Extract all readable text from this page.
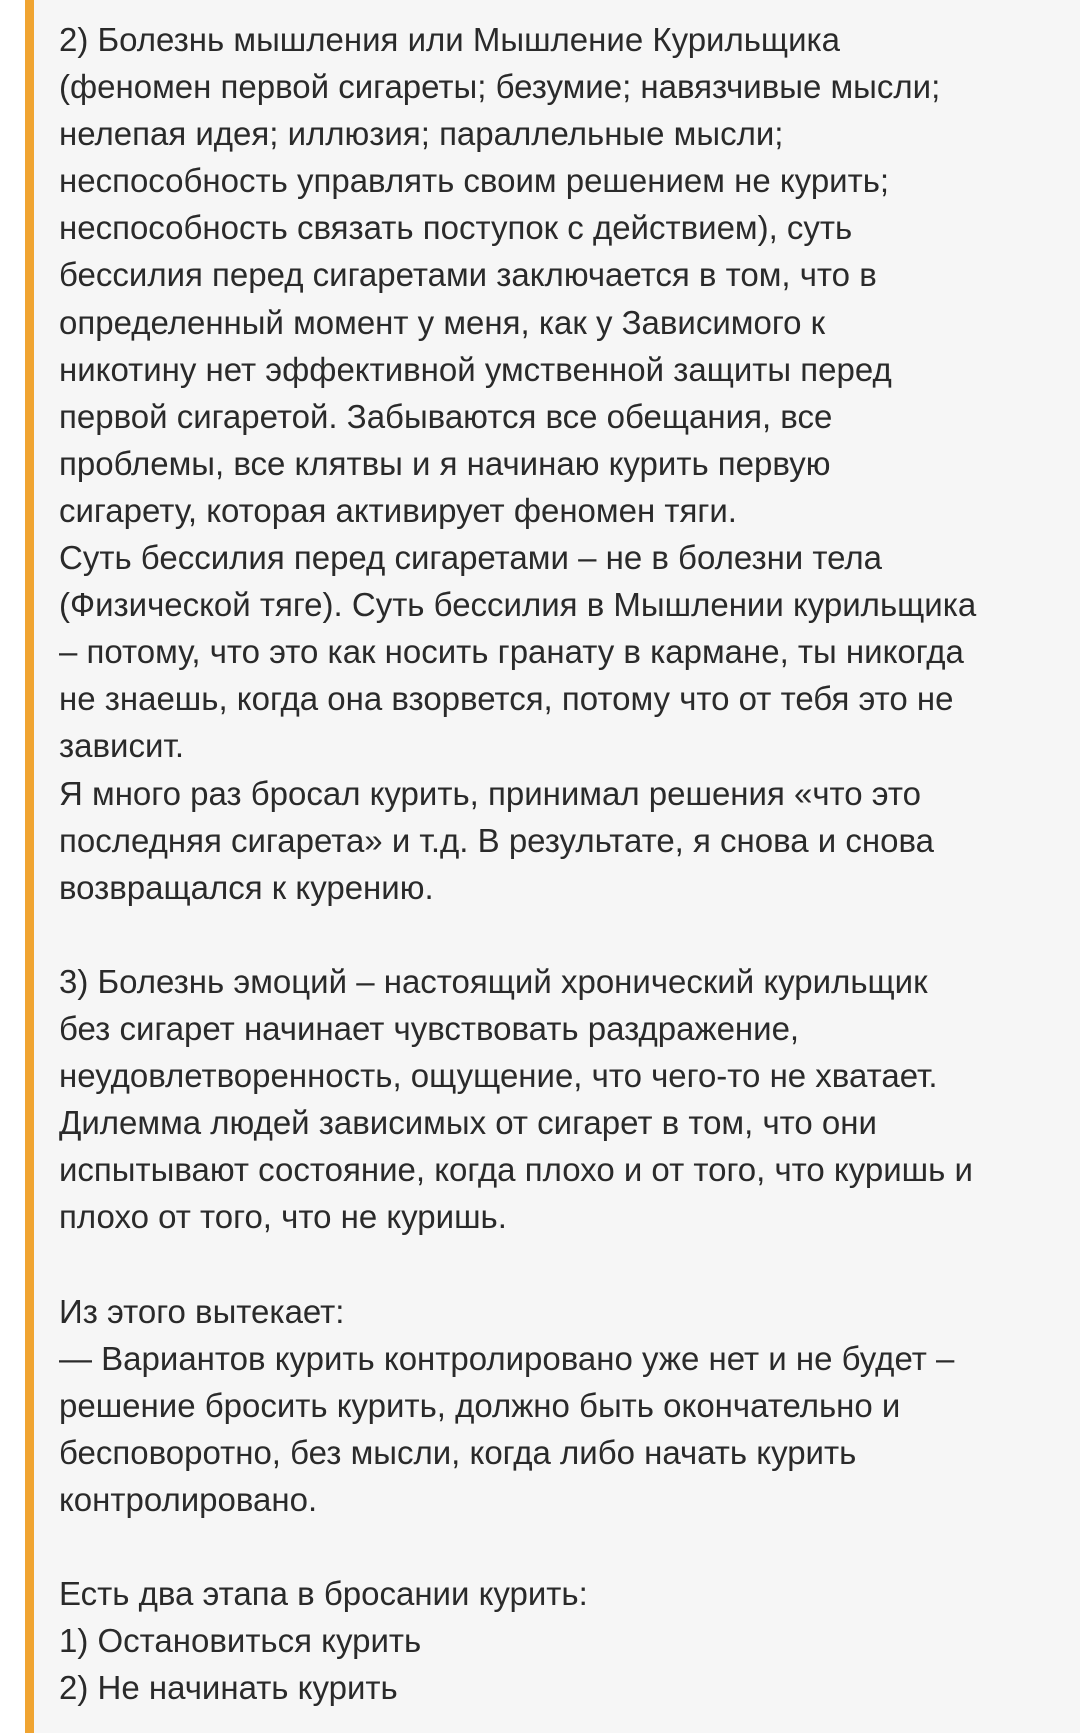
2) Болезнь мышления или Мышление Курильщика
(феномен первой сигареты; безумие; навязчивые мысли;
нелепая идея; иллюзия; параллельные мысли;
неспособность управлять своим решением не курить;
неспособность связать поступок с действием), суть
бессилия перед сигаретами заключается в том, что в
определенный момент у меня, как у Зависимого к
никотину нет эффективной умственной защиты перед
первой сигаретой. Забываются все обещания, все
проблемы, все клятвы и я начинаю курить первую
сигарету, которая активирует феномен тяги.
Суть бессилия перед сигаретами – не в болезни тела
(Физической тяге). Суть бессилия в Мышлении курильщика
– потому, что это как носить гранату в кармане, ты никогда
не знаешь, когда она взорвется, потому что от тебя это не
зависит.
Я много раз бросал курить, принимал решения «что это
последняя сигарета» и т.д. В результате, я снова и снова
возвращался к курению.
3) Болезнь эмоций – настоящий хронический курильщик
без сигарет начинает чувствовать раздражение,
неудовлетворенность, ощущение, что чего-то не хватает.
Дилемма людей зависимых от сигарет в том, что они
испытывают состояние, когда плохо и от того, что куришь и
плохо от того, что не куришь.
Из этого вытекает:
— Вариантов курить контролировано уже нет и не будет –
решение бросить курить, должно быть окончательно и
бесповоротно, без мысли, когда либо начать курить
контролировано.
Есть два этапа в бросании курить:
1) Остановиться курить
2) Не начинать курить
